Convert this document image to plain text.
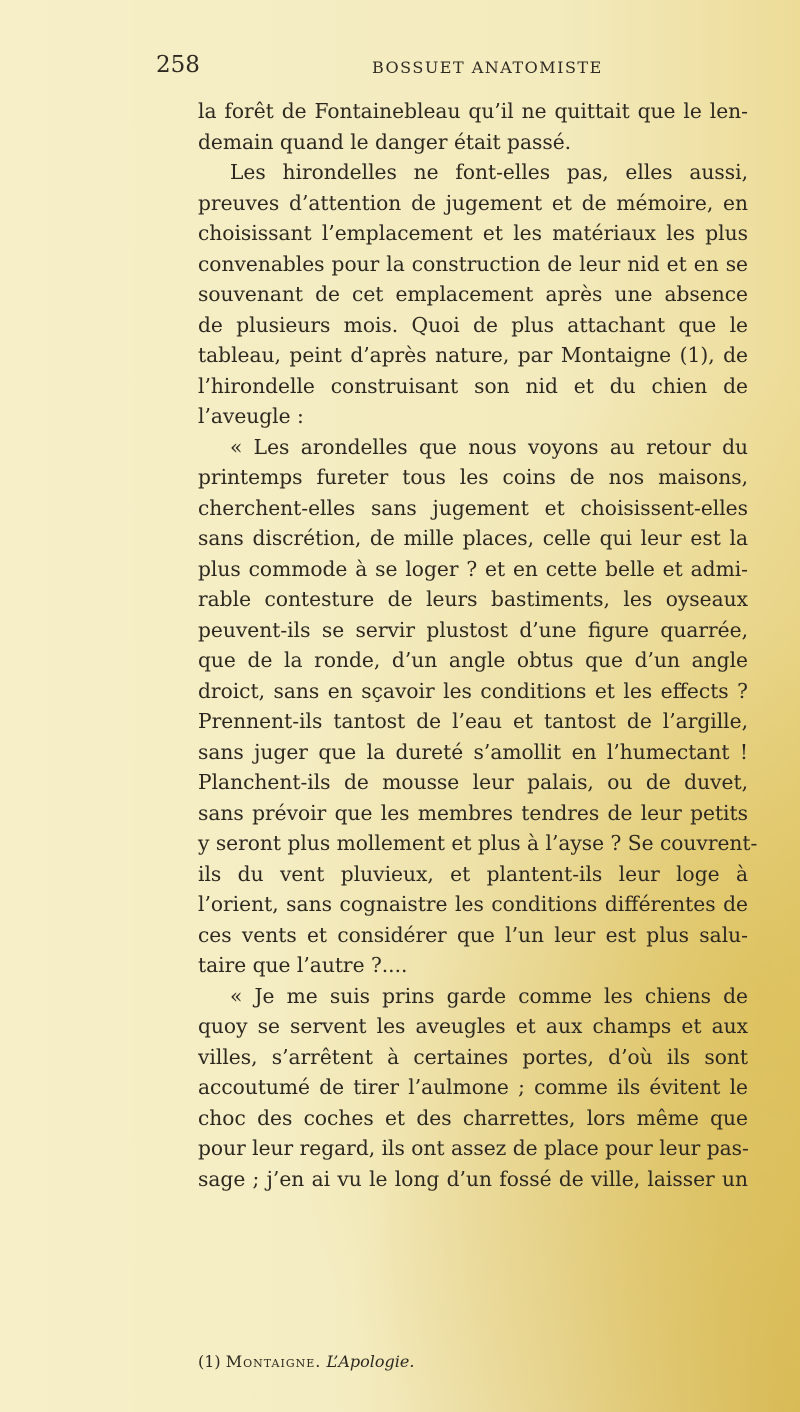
258	BOSSUET ANATOMISTE
la forêt de Fontainebleau qu’il ne quittait que le len-
demain quand le danger était passé.
Les hirondelles ne font-elles pas, elles aussi,
preuves d’attention de jugement et de mémoire, en
choisissant l’emplacement et les matériaux les plus
convenables pour la construction de leur nid et en se
souvenant de cet emplacement après une absence
de plusieurs mois. Quoi de plus attachant que le
tableau, peint d’après nature, par Montaigne (1), de
l’hirondelle construisant son nid et du chien de
l’aveugle :
« Les arondelles que nous voyons au retour du
printemps fureter tous les coins de nos maisons,
cherchent-elles sans jugement et choisissent-elles
sans discrétion, de mille places, celle qui leur est la
plus commode à se loger ? et en cette belle et admi-
rable contesture de leurs bastiments, les oyseaux
peuvent-ils se servir plustost d’une figure quarrée,
que de la ronde, d’un angle obtus que d’un angle
droict, sans en sçavoir les conditions et les effects ?
Prennent-ils tantost de l’eau et tantost de l’argille,
sans juger que la dureté s’amollit en l’humectant !
Planchent-ils de mousse leur palais, ou de duvet,
sans prévoir que les membres tendres de leur petits
y seront plus mollement et plus à l’ayse ? Se couvrent-
ils du vent pluvieux, et plantent-ils leur loge à
l’orient, sans cognaistre les conditions différentes de
ces vents et considérer que l’un leur est plus salu-
taire que l’autre ?....
« Je me suis prins garde comme les chiens de
quoy se servent les aveugles et aux champs et aux
villes, s’arrêtent à certaines portes, d’où ils sont
accoutumé de tirer l’aulmone ; comme ils évitent le
choc des coches et des charrettes, lors même que
pour leur regard, ils ont assez de place pour leur pas-
sage ; j’en ai vu le long d’un fossé de ville, laisser un
(1) Montaigne. L’Apologie.
